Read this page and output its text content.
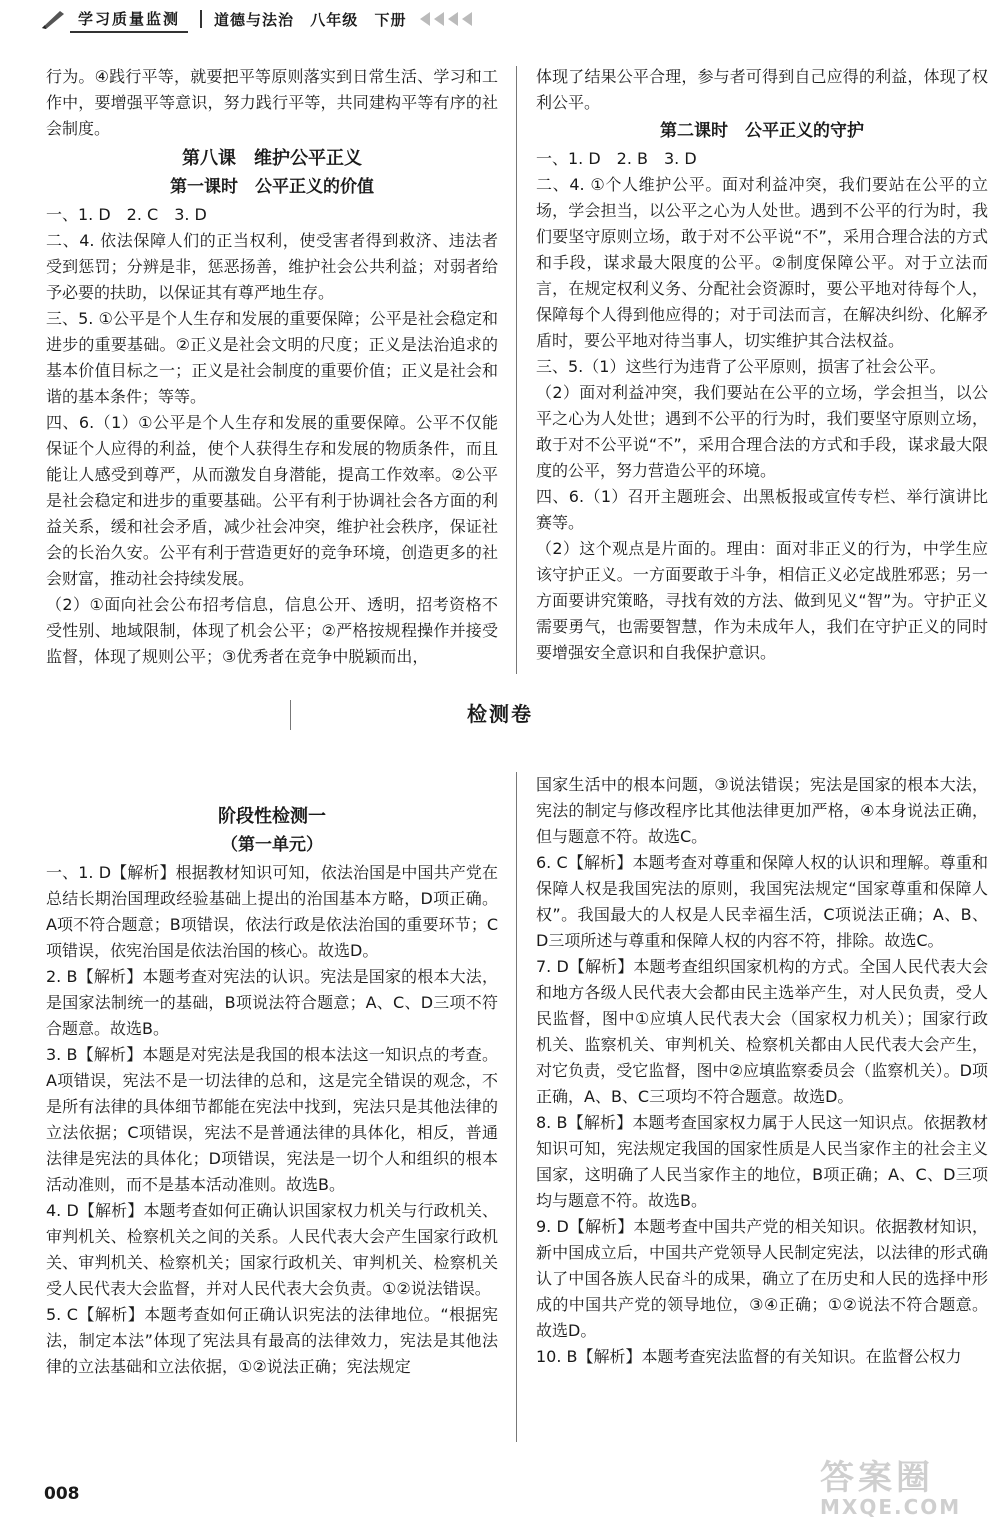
学习质量监测	道德与法治 八年级 下册

行为。④践行平等，就要把平等原则落实到日常生活、学习和工作中，要增强平等意识，努力践行平等，共同建构平等有序的社会制度。

第八课　维护公平正义
第一课时　公平正义的价值

一、1. D　2. C　3. D

二、4. 依法保障人们的正当权利，使受害者得到救济、违法者受到惩罚；分辨是非，惩恶扬善，维护社会公共利益；对弱者给予必要的扶助，以保证其有尊严地生存。

三、5. ①公平是个人生存和发展的重要保障；公平是社会稳定和进步的重要基础。②正义是社会文明的尺度；正义是法治追求的基本价值目标之一；正义是社会制度的重要价值；正义是社会和谐的基本条件；等等。

四、6.（1）①公平是个人生存和发展的重要保障。公平不仅能保证个人应得的利益，使个人获得生存和发展的物质条件，而且能让人感受到尊严，从而激发自身潜能，提高工作效率。②公平是社会稳定和进步的重要基础。公平有利于协调社会各方面的利益关系，缓和社会矛盾，减少社会冲突，维护社会秩序，保证社会的长治久安。公平有利于营造更好的竞争环境，创造更多的社会财富，推动社会持续发展。

（2）①面向社会公布招考信息，信息公开、透明，招考资格不受性别、地域限制，体现了机会公平；②严格按规程操作并接受监督，体现了规则公平；③优秀者在竞争中脱颖而出，

体现了结果公平合理，参与者可得到自己应得的利益，体现了权利公平。

第二课时　公平正义的守护

一、1. D　2. B　3. D

二、4. ①个人维护公平。面对利益冲突，我们要站在公平的立场，学会担当，以公平之心为人处世。遇到不公平的行为时，我们要坚守原则立场，敢于对不公平说“不”，采用合理合法的方式和手段，谋求最大限度的公平。②制度保障公平。对于立法而言，在规定权利义务、分配社会资源时，要公平地对待每个人，保障每个人得到他应得的；对于司法而言，在解决纠纷、化解矛盾时，要公平地对待当事人，切实维护其合法权益。

三、5.（1）这些行为违背了公平原则，损害了社会公平。

（2）面对利益冲突，我们要站在公平的立场，学会担当，以公平之心为人处世；遇到不公平的行为时，我们要坚守原则立场，敢于对不公平说“不”，采用合理合法的方式和手段，谋求最大限度的公平，努力营造公平的环境。

四、6.（1）召开主题班会、出黑板报或宣传专栏、举行演讲比赛等。

（2）这个观点是片面的。理由：面对非正义的行为，中学生应该守护正义。一方面要敢于斗争，相信正义必定战胜邪恶；另一方面要讲究策略，寻找有效的方法、做到见义“智”为。守护正义需要勇气，也需要智慧，作为未成年人，我们在守护正义的同时要增强安全意识和自我保护意识。

检测卷
阶段性检测一
（第一单元）

一、1. D【解析】根据教材知识可知，依法治国是中国共产党在总结长期治国理政经验基础上提出的治国基本方略，D项正确。A项不符合题意；B项错误，依法行政是依法治国的重要环节；C项错误，依宪治国是依法治国的核心。故选D。

2. B【解析】本题考查对宪法的认识。宪法是国家的根本大法，是国家法制统一的基础，B项说法符合题意；A、C、D三项不符合题意。故选B。

3. B【解析】本题是对宪法是我国的根本法这一知识点的考查。A项错误，宪法不是一切法律的总和，这是完全错误的观念，不是所有法律的具体细节都能在宪法中找到，宪法只是其他法律的立法依据；C项错误，宪法不是普通法律的具体化，相反，普通法律是宪法的具体化；D项错误，宪法是一切个人和组织的根本活动准则，而不是基本活动准则。故选B。

4. D【解析】本题考查如何正确认识国家权力机关与行政机关、审判机关、检察机关之间的关系。人民代表大会产生国家行政机关、审判机关、检察机关；国家行政机关、审判机关、检察机关受人民代表大会监督，并对人民代表大会负责。①②说法错误。

5. C【解析】本题考查如何正确认识宪法的法律地位。“根据宪法，制定本法”体现了宪法具有最高的法律效力，宪法是其他法律的立法基础和立法依据，①②说法正确；宪法规定

国家生活中的根本问题，③说法错误；宪法是国家的根本大法，宪法的制定与修改程序比其他法律更加严格，④本身说法正确，但与题意不符。故选C。

6. C【解析】本题考查对尊重和保障人权的认识和理解。尊重和保障人权是我国宪法的原则，我国宪法规定“国家尊重和保障人权”。我国最大的人权是人民幸福生活，C项说法正确；A、B、D三项所述与尊重和保障人权的内容不符，排除。故选C。

7. D【解析】本题考查组织国家机构的方式。全国人民代表大会和地方各级人民代表大会都由民主选举产生，对人民负责，受人民监督，图中①应填人民代表大会（国家权力机关）；国家行政机关、监察机关、审判机关、检察机关都由人民代表大会产生，对它负责，受它监督，图中②应填监察委员会（监察机关）。D项正确，A、B、C三项均不符合题意。故选D。

8. B【解析】本题考查国家权力属于人民这一知识点。依据教材知识可知，宪法规定我国的国家性质是人民当家作主的社会主义国家，这明确了人民当家作主的地位，B项正确；A、C、D三项均与题意不符。故选B。

9. D【解析】本题考查中国共产党的相关知识。依据教材知识，新中国成立后，中国共产党领导人民制定宪法，以法律的形式确认了中国各族人民奋斗的成果，确立了在历史和人民的选择中形成的中国共产党的领导地位，③④正确；①②说法不符合题意。故选D。

10. B【解析】本题考查宪法监督的有关知识。在监督公权力

008	答案圈
MXQE.COM
